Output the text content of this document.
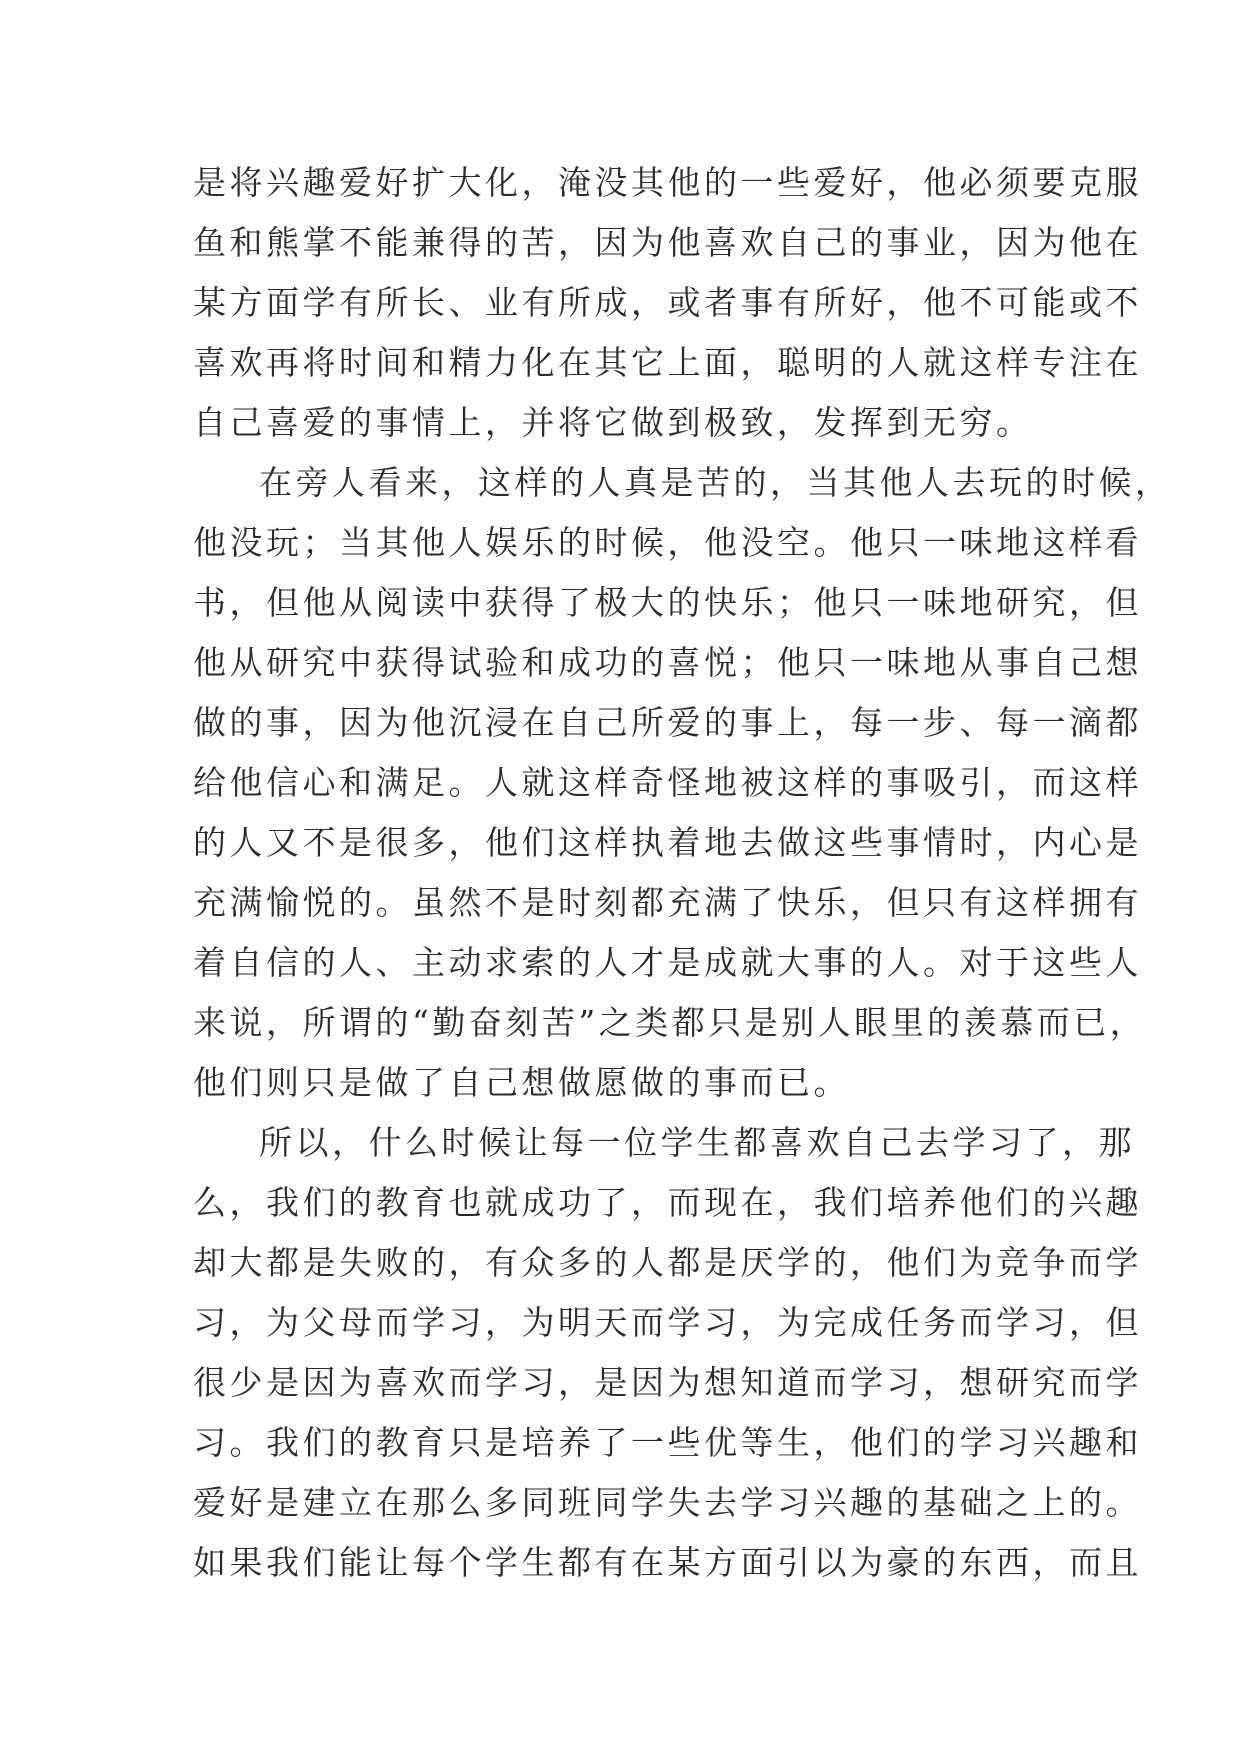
是将兴趣爱好扩大化，淹没其他的一些爱好，他必须要克服
鱼和熊掌不能兼得的苦，因为他喜欢自己的事业，因为他在
某方面学有所长、业有所成，或者事有所好，他不可能或不
喜欢再将时间和精力化在其它上面，聪明的人就这样专注在
自己喜爱的事情上，并将它做到极致，发挥到无穷。
在旁人看来，这样的人真是苦的，当其他人去玩的时候，
他没玩；当其他人娱乐的时候，他没空。他只一味地这样看
书，但他从阅读中获得了极大的快乐；他只一味地研究，但
他从研究中获得试验和成功的喜悦；他只一味地从事自己想
做的事，因为他沉浸在自己所爱的事上，每一步、每一滴都
给他信心和满足。人就这样奇怪地被这样的事吸引，而这样
的人又不是很多，他们这样执着地去做这些事情时，内心是
充满愉悦的。虽然不是时刻都充满了快乐，但只有这样拥有
着自信的人、主动求索的人才是成就大事的人。对于这些人
来说，所谓的“勤奋刻苦”之类都只是别人眼里的羡慕而已，
他们则只是做了自己想做愿做的事而已。
所以，什么时候让每一位学生都喜欢自己去学习了，那
么，我们的教育也就成功了，而现在，我们培养他们的兴趣
却大都是失败的，有众多的人都是厌学的，他们为竞争而学
习，为父母而学习，为明天而学习，为完成任务而学习，但
很少是因为喜欢而学习，是因为想知道而学习，想研究而学
习。我们的教育只是培养了一些优等生，他们的学习兴趣和
爱好是建立在那么多同班同学失去学习兴趣的基础之上的。
如果我们能让每个学生都有在某方面引以为豪的东西，而且
